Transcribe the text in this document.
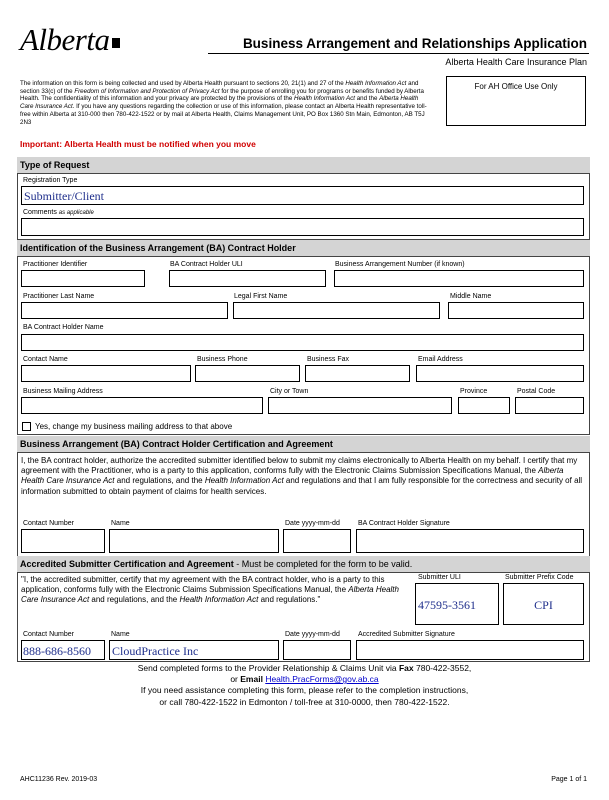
Alberta	Business Arrangement and Relationships Application
Alberta Health Care Insurance Plan
The information on this form is being collected and used by Alberta Health pursuant to sections 20, 21(1) and 27 of the Health Information Act and section 33(c) of the Freedom of Information and Protection of Privacy Act for the purpose of enrolling you for programs or benefits funded by Alberta Health. The confidentiality of this information and your privacy are protected by the provisions of the Health Information Act and the Alberta Health Care Insurance Act. If you have any questions regarding the collection or use of this information, please contact an Alberta Health representative toll-free within Alberta at 310-000 then 780-422-1522 or by mail at Alberta Health, Claims Management Unit, PO Box 1360 Stn Main, Edmonton, AB T5J 2N3
For AH Office Use Only
Important: Alberta Health must be notified when you move
Type of Request
Registration Type
Submitter/Client
Comments as applicable
Identification of the Business Arrangement (BA) Contract Holder
Practitioner Identifier	BA Contract Holder ULI	Business Arrangement Number (if known)
Practitioner Last Name	Legal First Name	Middle Name
BA Contract Holder Name
Contact Name	Business Phone	Business Fax	Email Address
Business Mailing Address	City or Town	Province	Postal Code
Yes, change my business mailing address to that above
Business Arrangement (BA) Contract Holder Certification and Agreement
I, the BA contract holder, authorize the accredited submitter identified below to submit my claims electronically to Alberta Health on my behalf. I certify that my agreement with the Practitioner, who is a party to this application, conforms fully with the Electronic Claims Submission Specifications Manual, the Alberta Health Care Insurance Act and regulations, and the Health Information Act and regulations and that I am fully responsible for the correctness and security of all information submitted to obtain payment of claims for health services.
Contact Number	Name	Date yyyy-mm-dd	BA Contract Holder Signature
Accredited Submitter Certification and Agreement - Must be completed for the form to be valid.
"I, the accredited submitter, certify that my agreement with the BA contract holder, who is a party to this application, conforms fully with the Electronic Claims Submission Specifications Manual, the Alberta Health Care Insurance Act and regulations, and the Health Information Act and regulations."
Submitter ULI
47595-3561
Submitter Prefix Code
CPI
Contact Number
888-686-8560
Name
CloudPractice Inc
Date yyyy-mm-dd	Accredited Submitter Signature
Send completed forms to the Provider Relationship & Claims Unit via Fax 780-422-3552,
or Email Health.PracForms@gov.ab.ca
If you need assistance completing this form, please refer to the completion instructions,
or call 780-422-1522 in Edmonton / toll-free at 310-0000, then 780-422-1522.
AHC11236 Rev. 2019-03	Page 1 of 1
